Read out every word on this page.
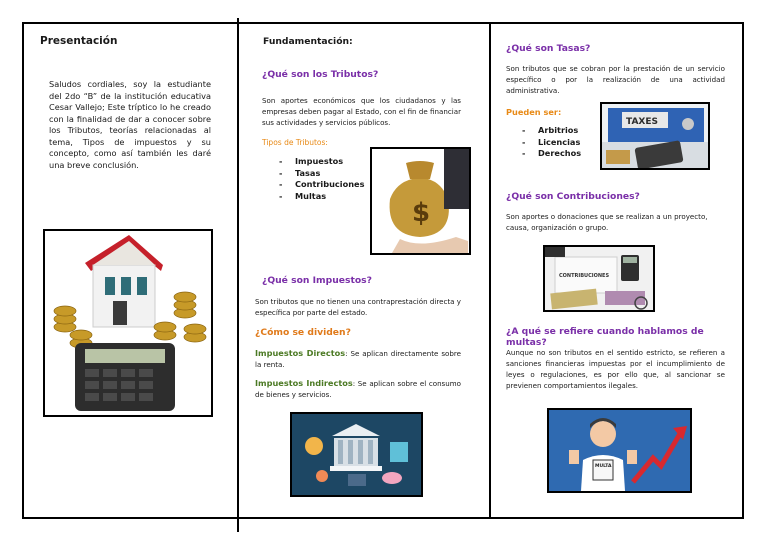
Presentación

Saludos cordiales, soy la estudiante del 2do “B” de la institución educativa Cesar Vallejo; Este tríptico lo he creado con la finalidad de dar a conocer sobre los Tributos, teorías relacionadas al tema, Tipos de impuestos y su concepto, como así también les daré una breve conclusión.

Fundamentación:

¿Qué son los Tributos?

Son aportes económicos que los ciudadanos y las empresas deben pagar al Estado, con el fin de financiar sus actividades y servicios públicos.

Tipos de Tributos:

- Impuestos
- Tasas
- Contribuciones
- Multas

¿Qué son Impuestos?

Son tributos que no tienen una contraprestación directa y específica por parte del estado.

¿Cómo se dividen?

Impuestos Directos: Se aplican directamente sobre la renta.

Impuestos Indirectos: Se aplican sobre el consumo de bienes y servicios.

$

¿Qué son Tasas?

Son tributos que se cobran por la prestación de un servicio específico o por la realización de una actividad administrativa.

Pueden ser:

- Arbitrios
- Licencias
- Derechos

¿Qué son Contribuciones?

Son aportes o donaciones que se realizan a un proyecto, causa, organización o grupo.

¿A qué se refiere cuando hablamos de multas?

Aunque no son tributos en el sentido estricto, se refieren a sanciones financieras impuestas por el incumplimiento de leyes o regulaciones, es por ello que, al sancionar se previenen comportamientos ilegales.

TAXES
CONTRIBUCIONES
MULTA
